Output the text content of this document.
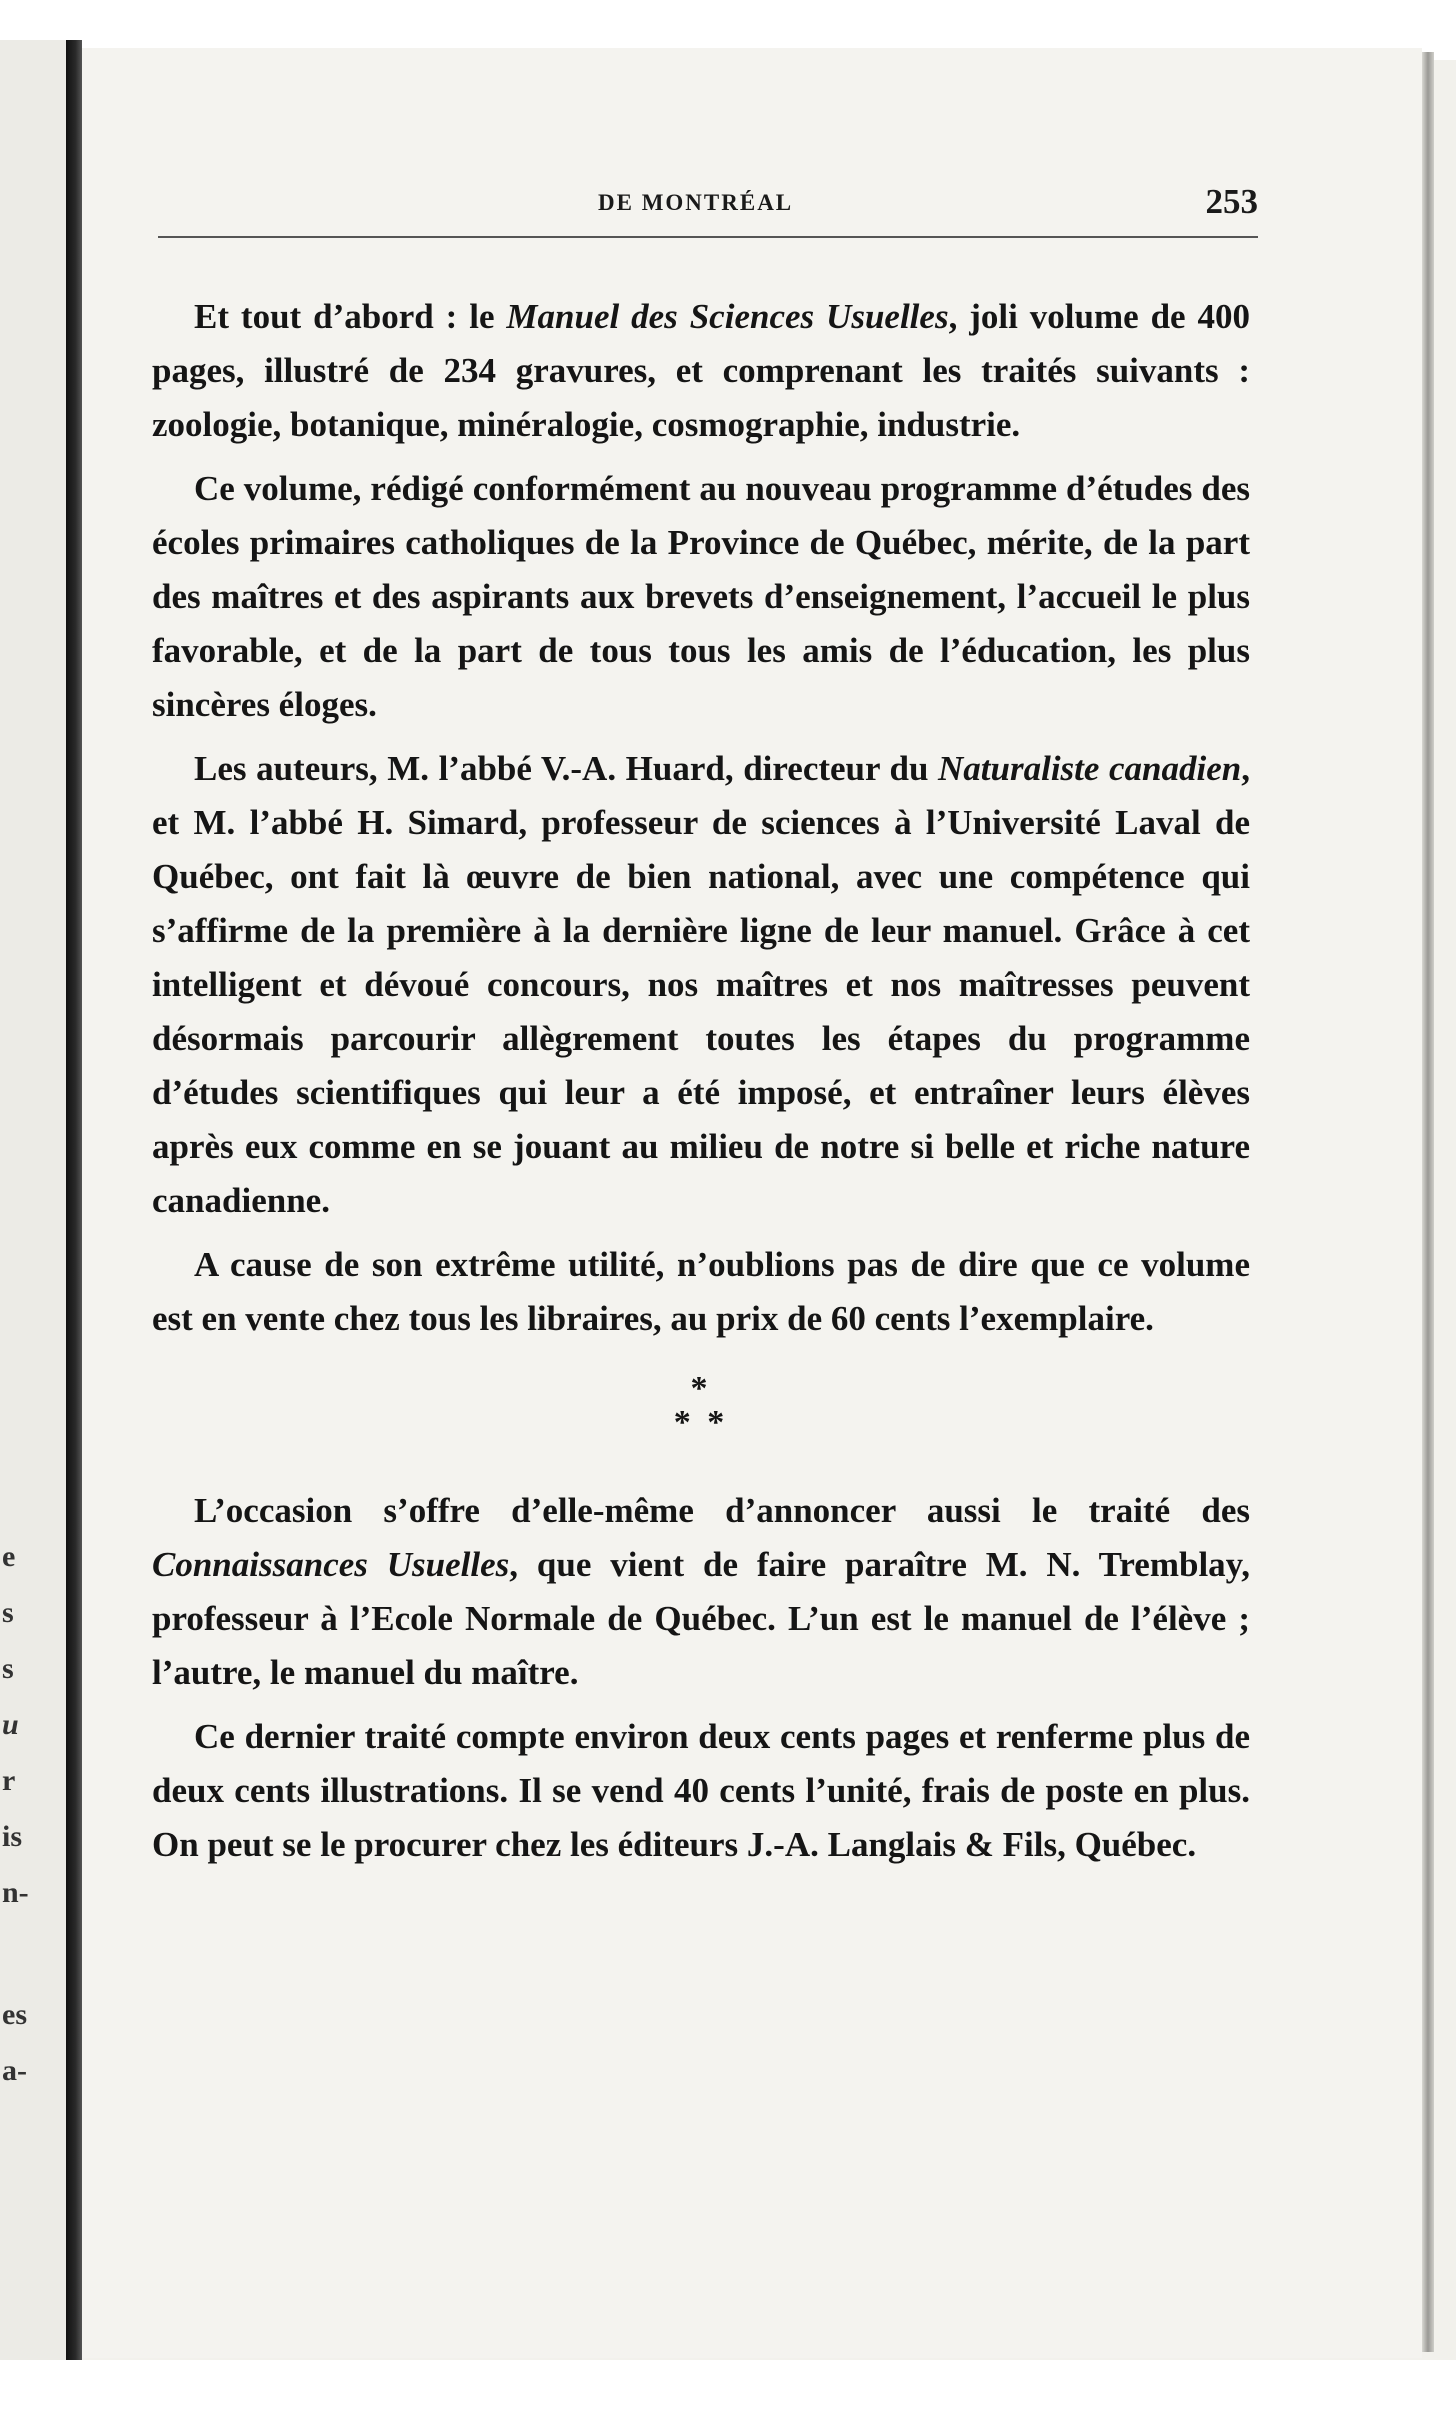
e
s
s
u
r
is
n-
es
a-
DE MONTRÉAL	253

Et tout d’abord : le Manuel des Sciences Usuelles, joli volume de 400 pages, illustré de 234 gravures, et comprenant les traités suivants : zoologie, botanique, minéralogie, cosmographie, industrie.

Ce volume, rédigé conformément au nouveau programme d’études des écoles primaires catholiques de la Province de Québec, mérite, de la part des maîtres et des aspirants aux brevets d’enseignement, l’accueil le plus favorable, et de la part de tous tous les amis de l’éducation, les plus sincères éloges.

Les auteurs, M. l’abbé V.-A. Huard, directeur du Naturaliste canadien, et M. l’abbé H. Simard, professeur de sciences à l’Université Laval de Québec, ont fait là œuvre de bien national, avec une compétence qui s’affirme de la première à la dernière ligne de leur manuel. Grâce à cet intelligent et dévoué concours, nos maîtres et nos maîtresses peuvent désormais parcourir allègrement toutes les étapes du programme d’études scientifiques qui leur a été imposé, et entraîner leurs élèves après eux comme en se jouant au milieu de notre si belle et riche nature canadienne.

A cause de son extrême utilité, n’oublions pas de dire que ce volume est en vente chez tous les libraires, au prix de 60 cents l’exemplaire.

*
* *

L’occasion s’offre d’elle-même d’annoncer aussi le traité des Connaissances Usuelles, que vient de faire paraître M. N. Tremblay, professeur à l’Ecole Normale de Québec. L’un est le manuel de l’élève ; l’autre, le manuel du maître.

Ce dernier traité compte environ deux cents pages et renferme plus de deux cents illustrations. Il se vend 40 cents l’unité, frais de poste en plus. On peut se le procurer chez les éditeurs J.-A. Langlais & Fils, Québec.
